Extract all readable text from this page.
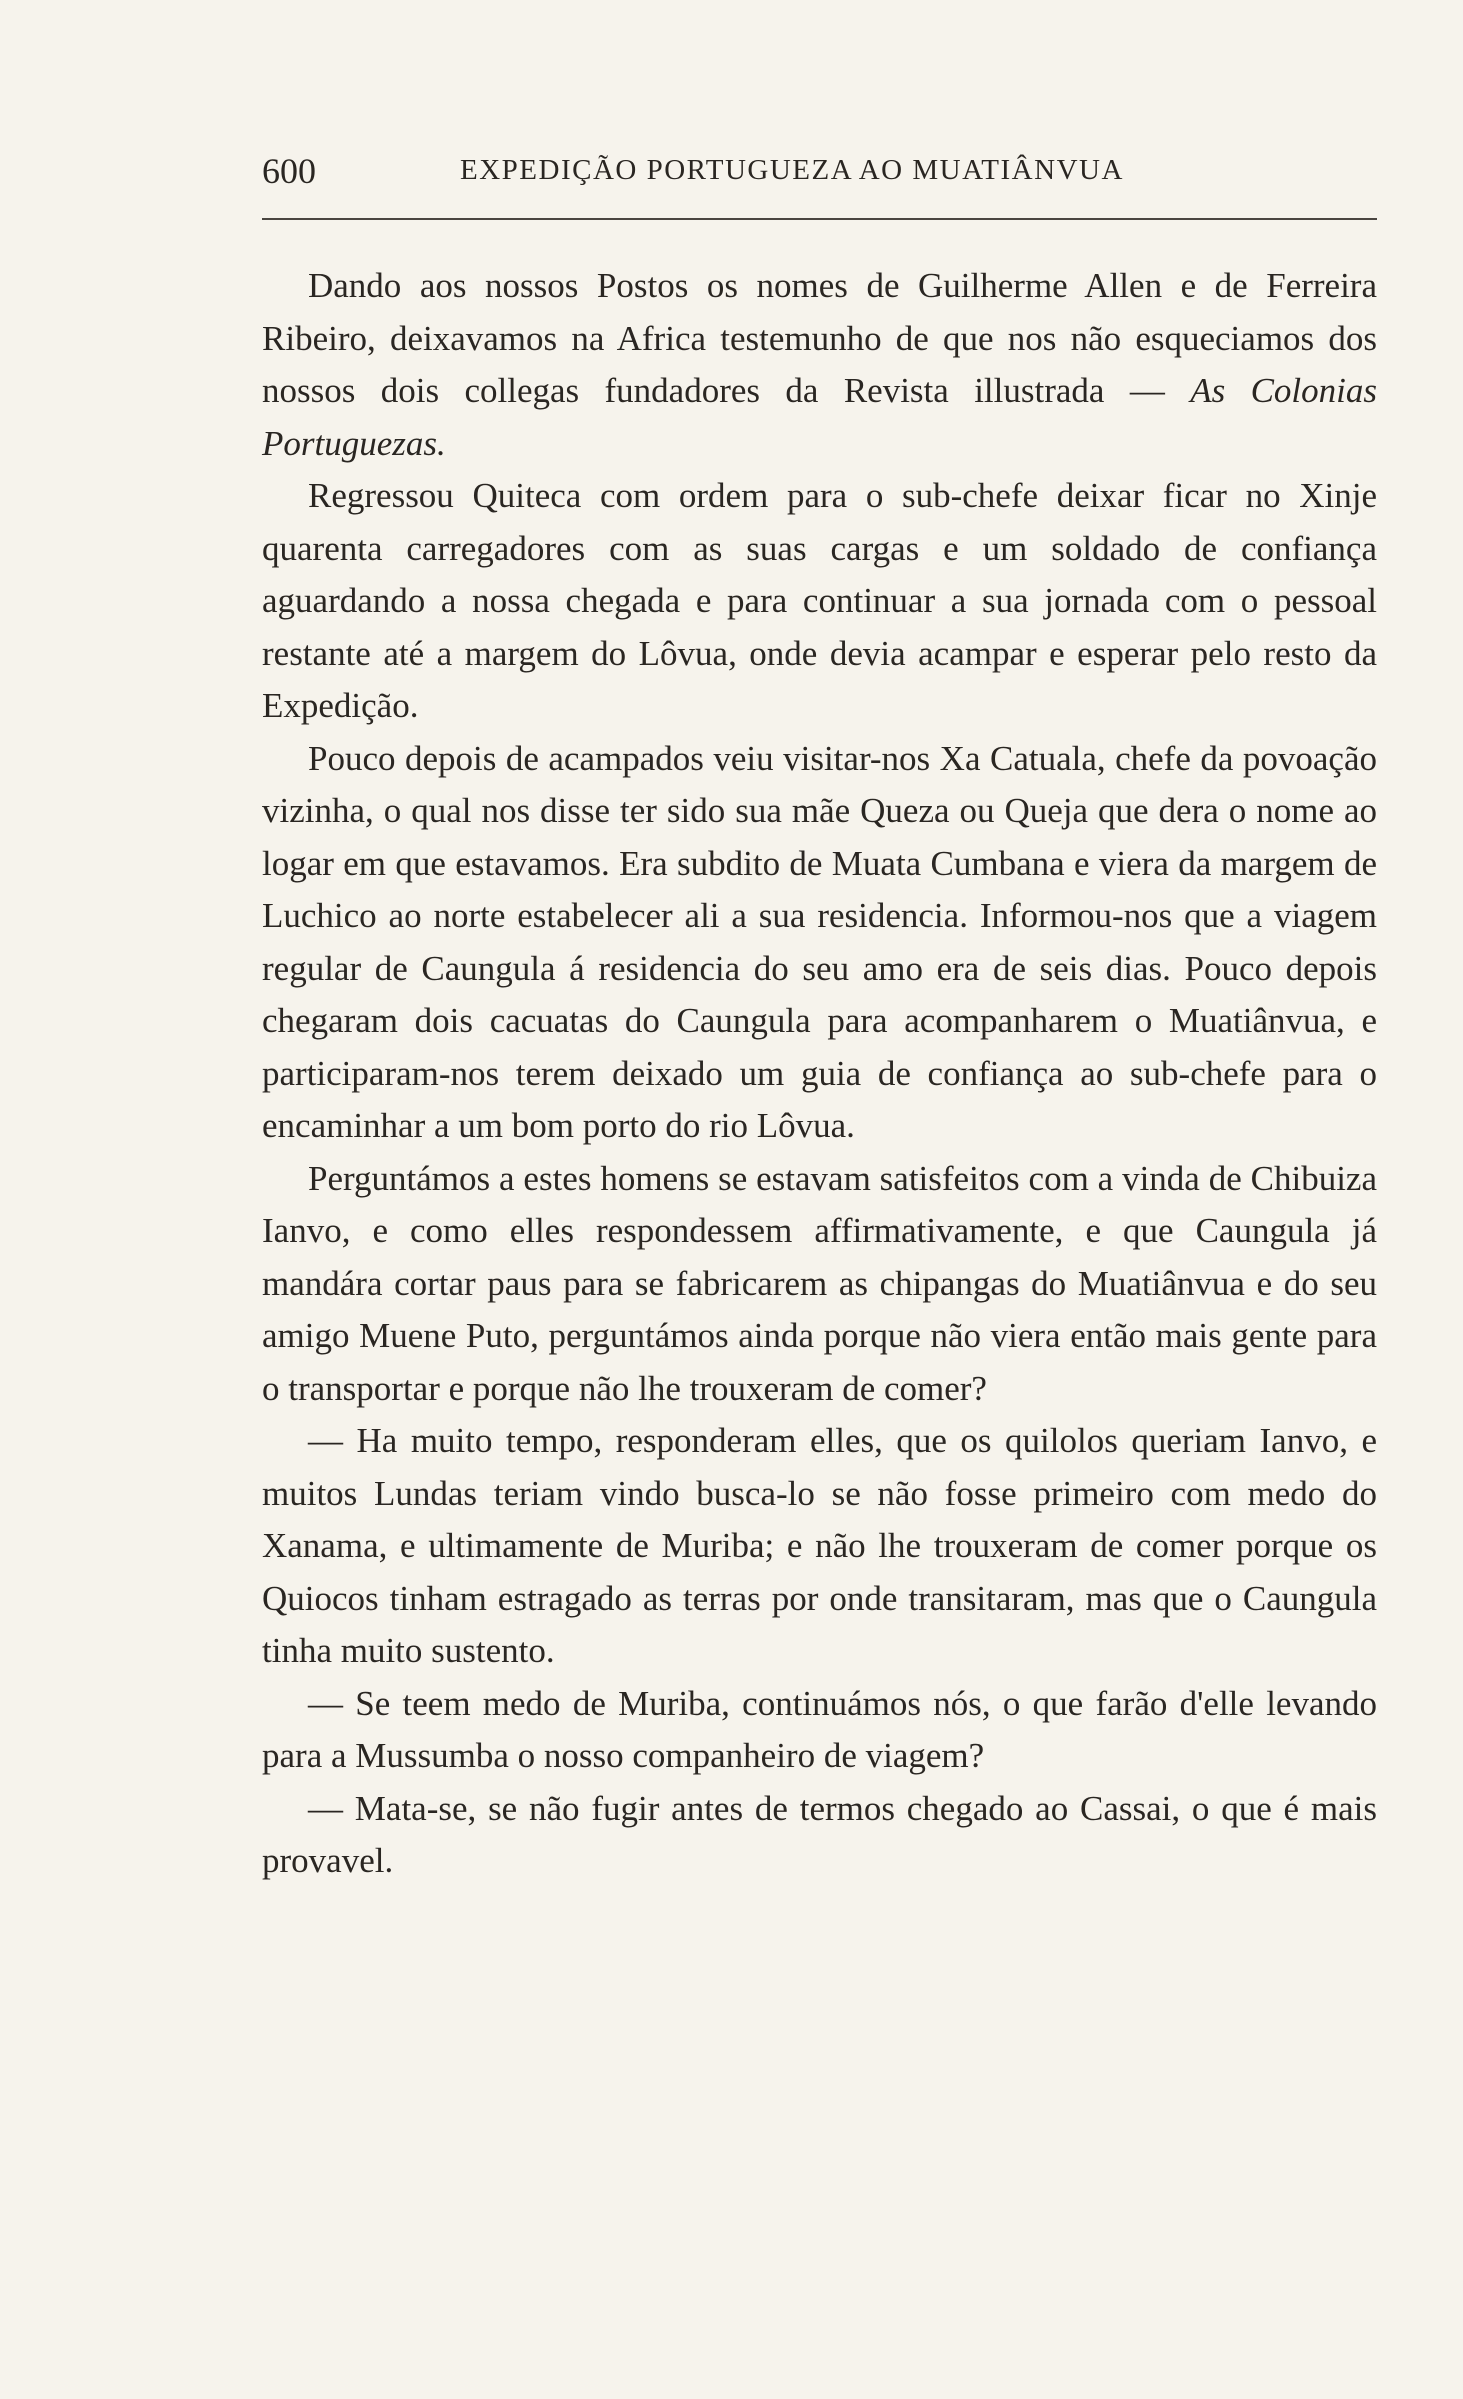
600	EXPEDIÇÃO PORTUGUEZA AO MUATIÂNVUA

Dando aos nossos Postos os nomes de Guilherme Allen e de Ferreira Ribeiro, deixavamos na Africa testemunho de que nos não esqueciamos dos nossos dois collegas fundadores da Revista illustrada — As Colonias Portuguezas.

Regressou Quiteca com ordem para o sub-chefe deixar ficar no Xinje quarenta carregadores com as suas cargas e um soldado de confiança aguardando a nossa chegada e para continuar a sua jornada com o pessoal restante até a margem do Lôvua, onde devia acampar e esperar pelo resto da Expedição.

Pouco depois de acampados veiu visitar-nos Xa Catuala, chefe da povoação vizinha, o qual nos disse ter sido sua mãe Queza ou Queja que dera o nome ao logar em que estavamos. Era subdito de Muata Cumbana e viera da margem de Luchico ao norte estabelecer ali a sua residencia. Informou-nos que a viagem regular de Caungula á residencia do seu amo era de seis dias. Pouco depois chegaram dois cacuatas do Caungula para acompanharem o Muatiânvua, e participaram-nos terem deixado um guia de confiança ao sub-chefe para o encaminhar a um bom porto do rio Lôvua.

Perguntámos a estes homens se estavam satisfeitos com a vinda de Chibuiza Ianvo, e como elles respondessem affirmativamente, e que Caungula já mandára cortar paus para se fabricarem as chipangas do Muatiânvua e do seu amigo Muene Puto, perguntámos ainda porque não viera então mais gente para o transportar e porque não lhe trouxeram de comer?

— Ha muito tempo, responderam elles, que os quilolos queriam Ianvo, e muitos Lundas teriam vindo busca-lo se não fosse primeiro com medo do Xanama, e ultimamente de Muriba; e não lhe trouxeram de comer porque os Quiocos tinham estragado as terras por onde transitaram, mas que o Caungula tinha muito sustento.

— Se teem medo de Muriba, continuámos nós, o que farão d'elle levando para a Mussumba o nosso companheiro de viagem?

— Mata-se, se não fugir antes de termos chegado ao Cassai, o que é mais provavel.
